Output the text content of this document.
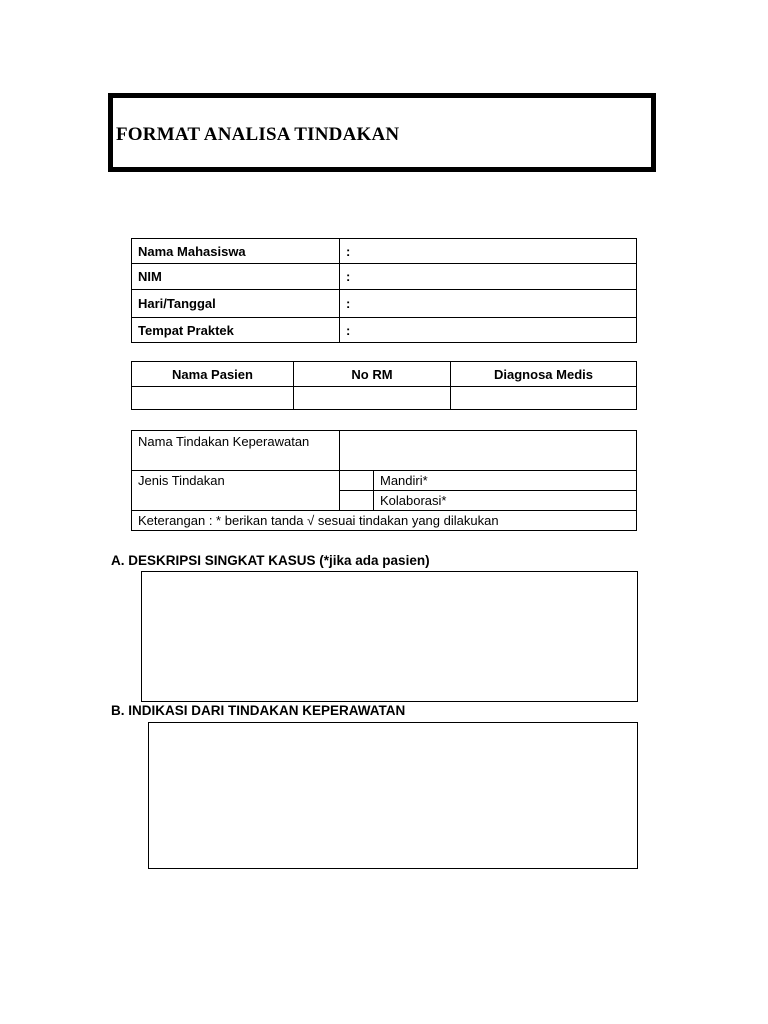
FORMAT ANALISA TINDAKAN
Nama Mahasiswa	:
NIM	:
Hari/Tanggal	:
Tempat Praktek	:
Nama Pasien	No RM	Diagnosa Medis

Nama Tindakan Keperawatan		
Jenis Tindakan		Mandiri*
		Kolaborasi*
Keterangan : * berikan tanda √ sesuai tindakan yang dilakukan		
A. DESKRIPSI SINGKAT KASUS (*jika ada pasien)
B. INDIKASI DARI TINDAKAN KEPERAWATAN
